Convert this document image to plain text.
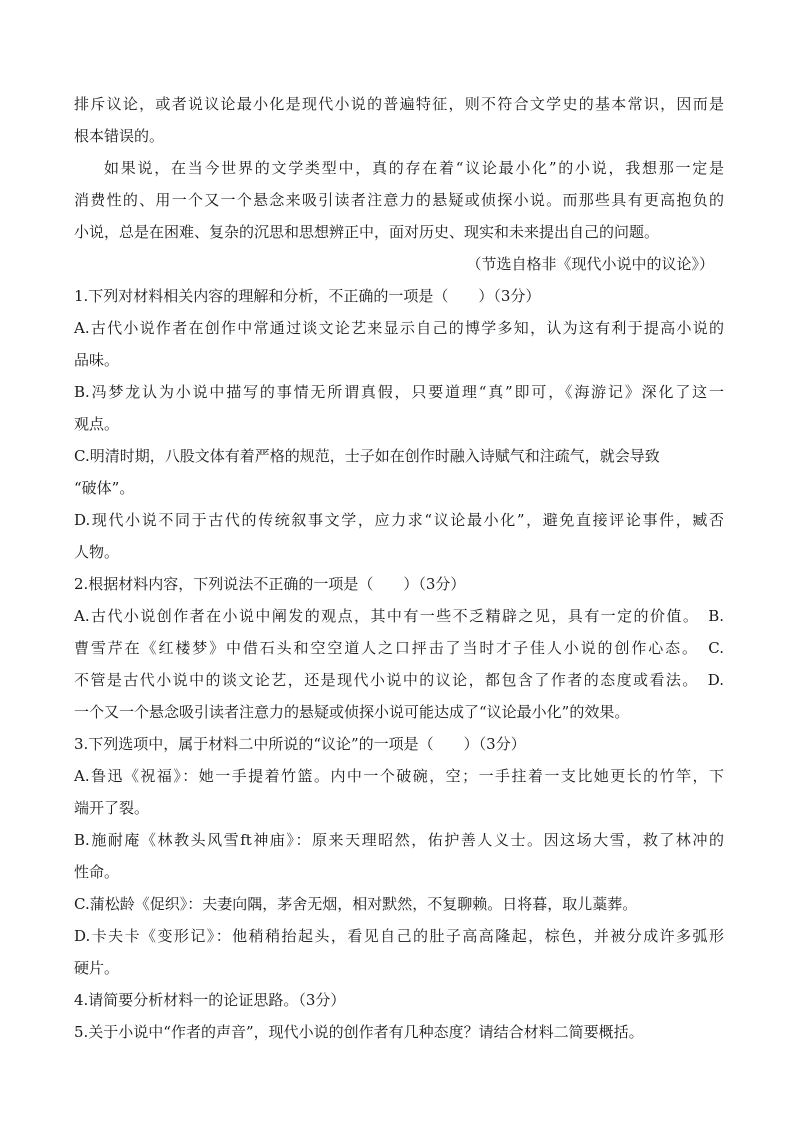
排斥议论，或者说议论最小化是现代小说的普遍特征，则不符合文学史的基本常识，因而是
根本错误的。
如果说，在当今世界的文学类型中，真的存在着“议论最小化”的小说，我想那一定是
消费性的、用一个又一个悬念来吸引读者注意力的悬疑或侦探小说。而那些具有更高抱负的
小说，总是在困难、复杂的沉思和思想辨正中，面对历史、现实和未来提出自己的问题。
（节选自格非《现代小说中的议论》）
1.下列对材料相关内容的理解和分析，不正确的一项是（　　）（3分）
A.古代小说作者在创作中常通过谈文论艺来显示自己的博学多知，认为这有利于提高小说的
品味。
B.冯梦龙认为小说中描写的事情无所谓真假，只要道理“真”即可，《海游记》深化了这一
观点。
C.明清时期，八股文体有着严格的规范，士子如在创作时融入诗赋气和注疏气，就会导致
“破体”。
D.现代小说不同于古代的传统叙事文学，应力求“议论最小化”，避免直接评论事件，臧否
人物。
2.根据材料内容，下列说法不正确的一项是（　　）（3分）
A.古代小说创作者在小说中阐发的观点，其中有一些不乏精辟之见，具有一定的价值。　B.
曹雪芹在《红楼梦》中借石头和空空道人之口抨击了当时才子佳人小说的创作心态。　C.
不管是古代小说中的谈文论艺，还是现代小说中的议论，都包含了作者的态度或看法。　D.
一个又一个悬念吸引读者注意力的悬疑或侦探小说可能达成了“议论最小化”的效果。
3.下列选项中，属于材料二中所说的“议论”的一项是（　　）（3分）
A.鲁迅《祝福》：她一手提着竹篮。内中一个破碗，空；一手拄着一支比她更长的竹竿，下
端开了裂。
B.施耐庵《林教头风雪ft神庙》：原来天理昭然，佑护善人义士。因这场大雪，救了林冲的
性命。
C.蒲松龄《促织》：夫妻向隅，茅舍无烟，相对默然，不复聊赖。日将暮，取儿藁葬。
D.卡夫卡《变形记》：他稍稍抬起头，看见自己的肚子高高隆起，棕色，并被分成许多弧形
硬片。
4.请简要分析材料一的论证思路。（3分）
5.关于小说中“作者的声音”，现代小说的创作者有几种态度？请结合材料二简要概括。
